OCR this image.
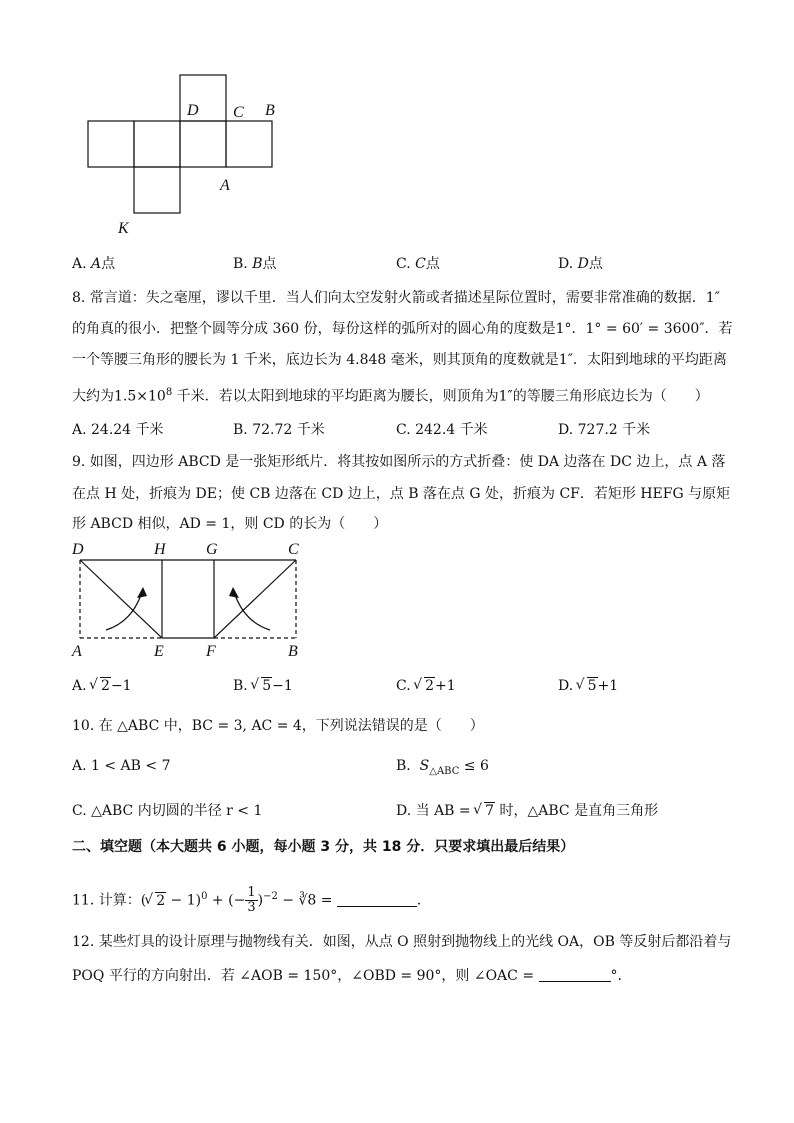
D C B
A
K
A. A点	B. B点	C. C点	D. D点
8. 常言道：失之毫厘，谬以千里．当人们向太空发射火箭或者描述星际位置时，需要非常准确的数据．1″
的角真的很小．把整个圆等分成 360 份，每份这样的弧所对的圆心角的度数是1°．1° = 60′ = 3600″．若
一个等腰三角形的腰长为 1 千米，底边长为 4.848 毫米，则其顶角的度数就是1″．太阳到地球的平均距离
大约为$1.5\times 10^8$ 千米．若以太阳到地球的平均距离为腰长，则顶角为1″的等腰三角形底边长为（　　）
A. 24.24 千米	B. 72.72 千米	C. 242.4 千米	D. 727.2 千米
9. 如图，四边形 ABCD 是一张矩形纸片．将其按如图所示的方式折叠：使 DA 边落在 DC 边上，点 A 落
在点 H 处，折痕为 DE；使 CB 边落在 CD 边上，点 B 落在点 G 处，折痕为 CF．若矩形 HEFG 与原矩
形 ABCD 相似，AD = 1，则 CD 的长为（　　）
D	H	G	C
A	E	F	B
A. √ 2−1	B. √ 5−1	C. √ 2+1	D. √ 5+1
10. 在 △ABC 中，BC = 3, AC = 4，下列说法错误的是（　　）
A. 1 < AB < 7	B. $S_{\triangle ABC} \le 6$
C. △ABC 内切圆的半径 r < 1	D. 当 AB = √ 7 时，△ABC 是直角三角形
二、填空题（本大题共 6 小题，每小题 3 分，共 18 分．只要求填出最后结果）
11. 计算：( √ 2 − 1)$^0$ + (− $\frac{1}{3} )^{-2}$ − ∛8 =	．
12. 某些灯具的设计原理与抛物线有关．如图，从点 O 照射到抛物线上的光线 OA，OB 等反射后都沿着与
POQ 平行的方向射出．若 ∠AOB = 150°，∠OBD = 90°，则 ∠OAC =	°．
